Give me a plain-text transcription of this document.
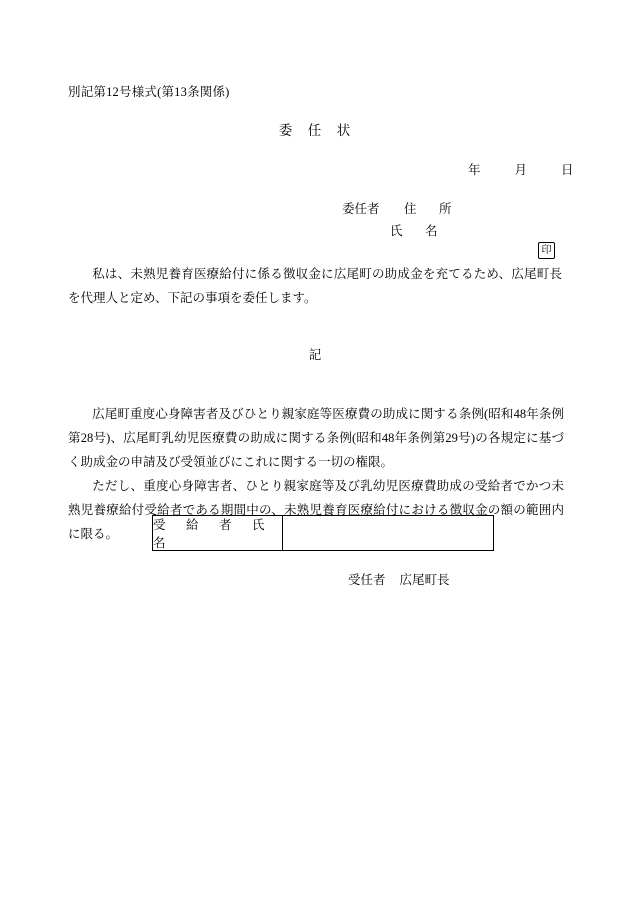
別記第12号様式(第13条関係)
委　任　状
年	月	日
委任者 住　所
氏　名
印
私は、未熟児養育医療給付に係る徴収金に広尾町の助成金を充てるため、広尾町長を代理人と定め、下記の事項を委任します。
記
広尾町重度心身障害者及びひとり親家庭等医療費の助成に関する条例(昭和48年条例第28号)、広尾町乳幼児医療費の助成に関する条例(昭和48年条例第29号)の各規定に基づく助成金の申請及び受領並びにこれに関する一切の権限。
ただし、重度心身障害者、ひとり親家庭等及び乳幼児医療費助成の受給者でかつ未熟児養療給付受給者である期間中の、未熟児養育医療給付における徴収金の額の範囲内に限る。
受　給　者　氏　名
受任者 広尾町長
